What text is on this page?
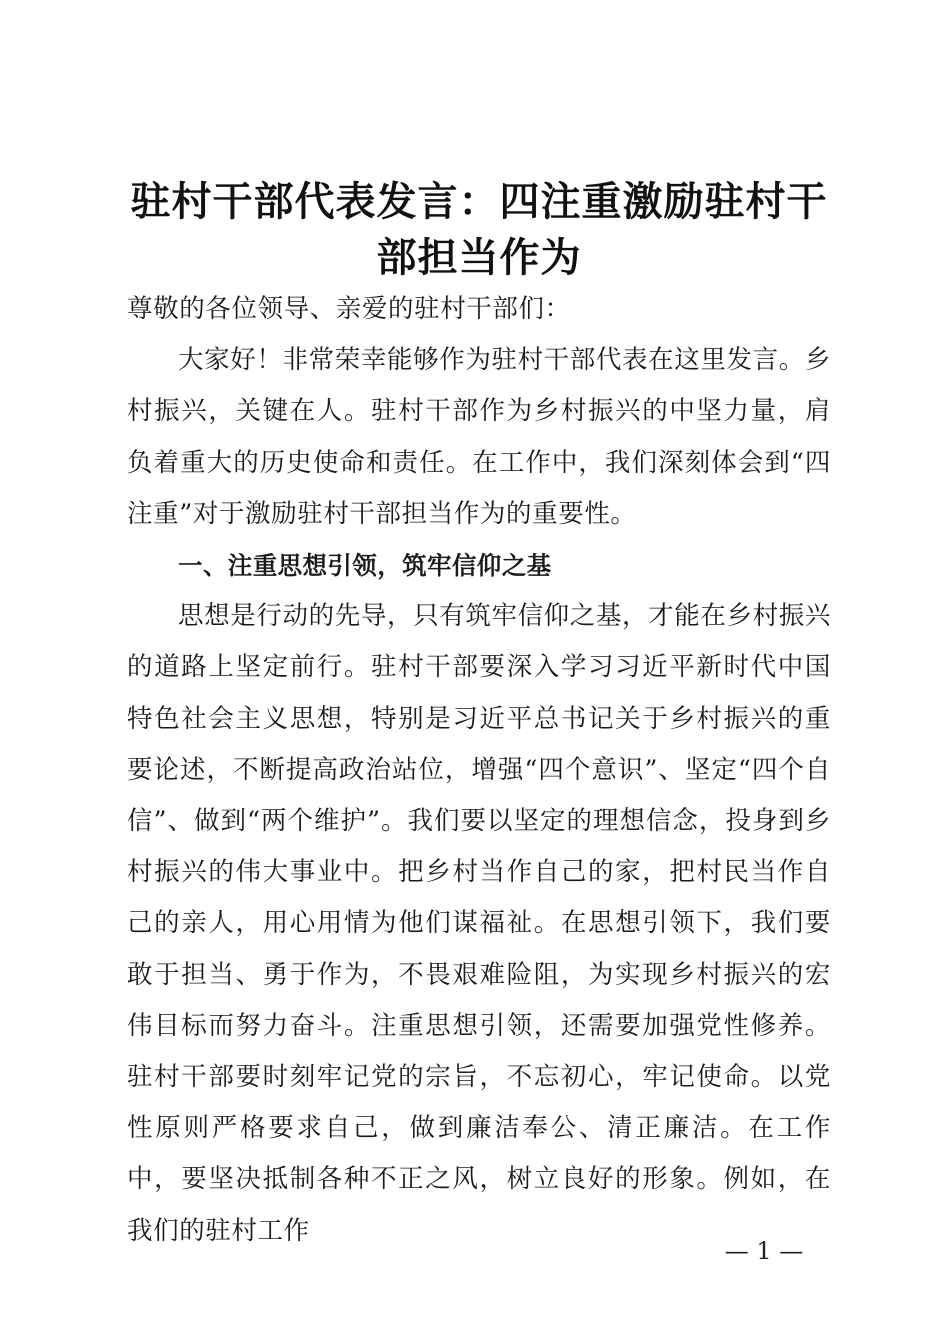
驻村干部代表发言：四注重激励驻村干部担当作为

尊敬的各位领导、亲爱的驻村干部们：

大家好！非常荣幸能够作为驻村干部代表在这里发言。乡村振兴，关键在人。驻村干部作为乡村振兴的中坚力量，肩负着重大的历史使命和责任。在工作中，我们深刻体会到“四注重”对于激励驻村干部担当作为的重要性。

一、注重思想引领，筑牢信仰之基

思想是行动的先导，只有筑牢信仰之基，才能在乡村振兴的道路上坚定前行。驻村干部要深入学习习近平新时代中国特色社会主义思想，特别是习近平总书记关于乡村振兴的重要论述，不断提高政治站位，增强“四个意识”、坚定“四个自信”、做到“两个维护”。我们要以坚定的理想信念，投身到乡村振兴的伟大事业中。把乡村当作自己的家，把村民当作自己的亲人，用心用情为他们谋福祉。在思想引领下，我们要敢于担当、勇于作为，不畏艰难险阻，为实现乡村振兴的宏伟目标而努力奋斗。注重思想引领，还需要加强党性修养。驻村干部要时刻牢记党的宗旨，不忘初心，牢记使命。以党性原则严格要求自己，做到廉洁奉公、清正廉洁。在工作中，要坚决抵制各种不正之风，树立良好的形象。例如，在我们的驻村工作

— 1 —
